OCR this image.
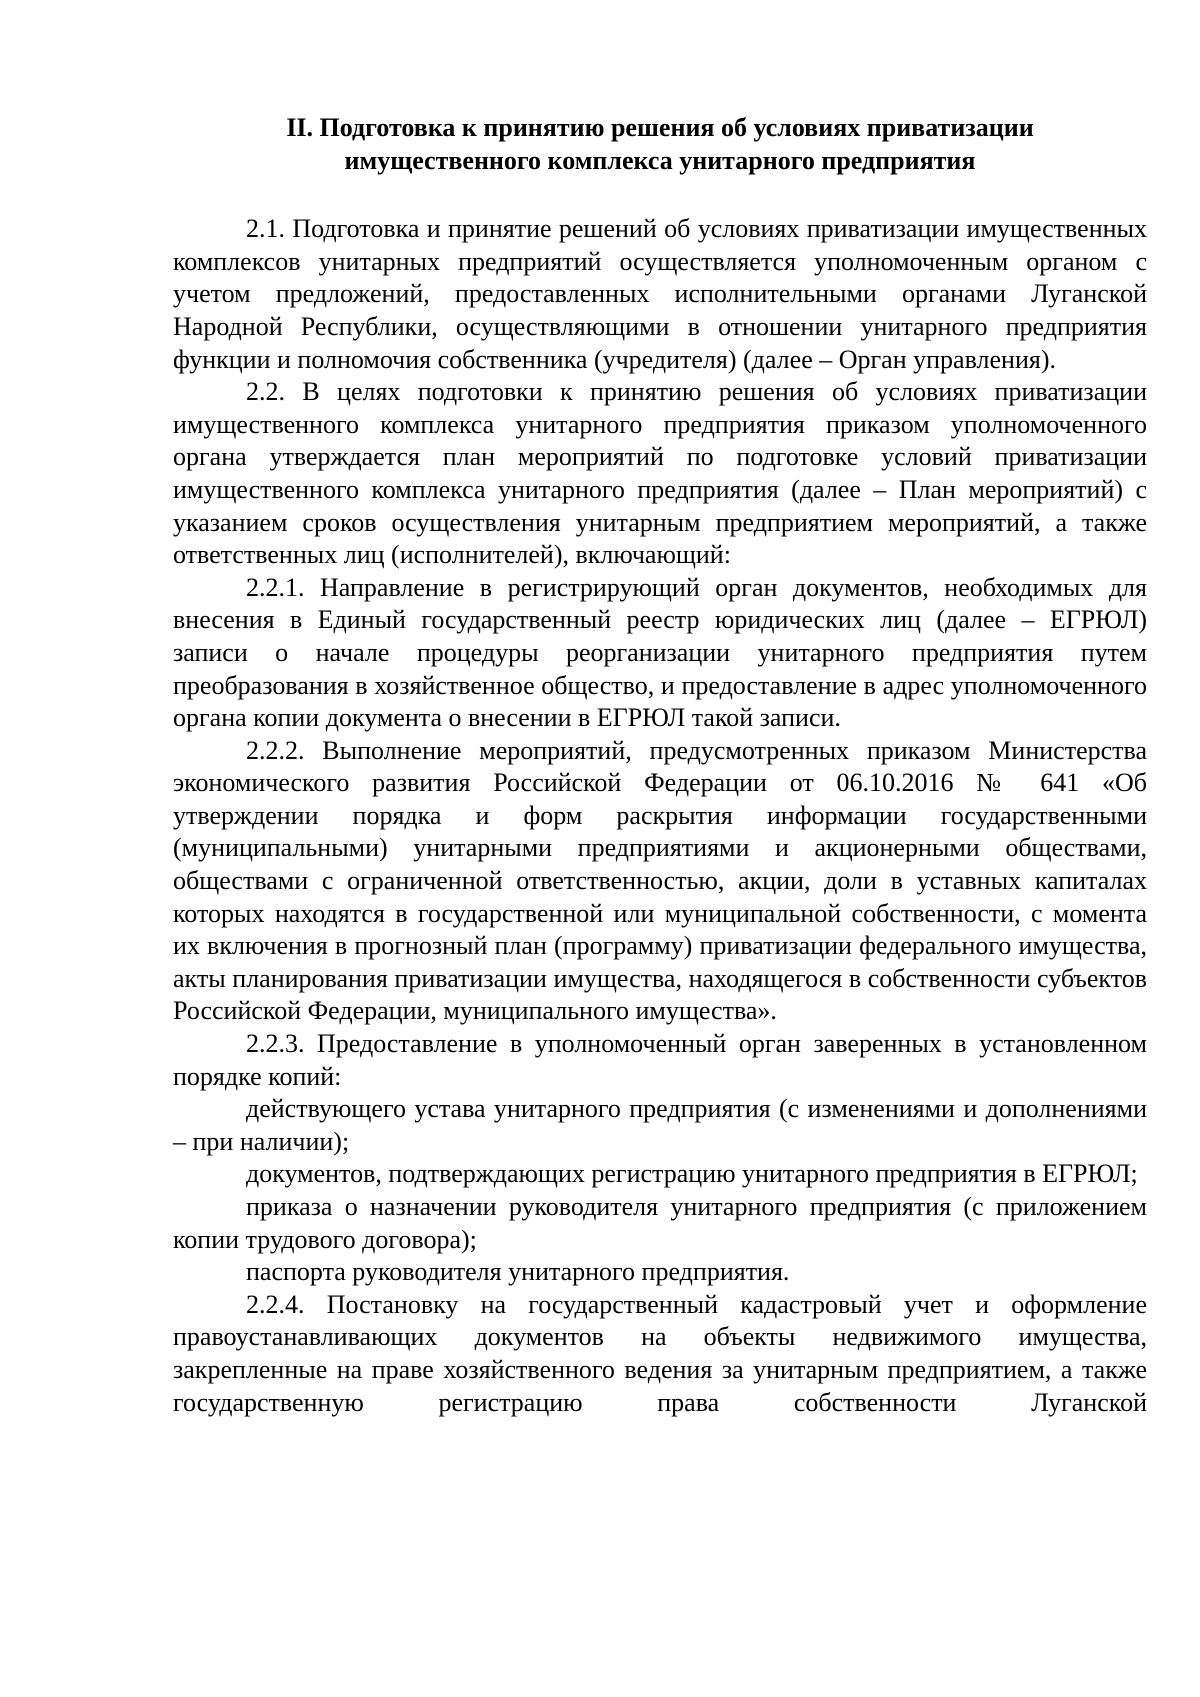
II. Подготовка к принятию решения об условиях приватизации
имущественного комплекса унитарного предприятия

2.1. Подготовка и принятие решений об условиях приватизации имущественных комплексов унитарных предприятий осуществляется уполномоченным органом с учетом предложений, предоставленных исполнительными органами Луганской Народной Республики, осуществляющими в отношении унитарного предприятия функции и полномочия собственника (учредителя) (далее – Орган управления).

2.2. В целях подготовки к принятию решения об условиях приватизации имущественного комплекса унитарного предприятия приказом уполномоченного органа утверждается план мероприятий по подготовке условий приватизации имущественного комплекса унитарного предприятия (далее – План мероприятий) с указанием сроков осуществления унитарным предприятием мероприятий, а также ответственных лиц (исполнителей), включающий:

2.2.1. Направление в регистрирующий орган документов, необходимых для внесения в Единый государственный реестр юридических лиц (далее – ЕГРЮЛ) записи о начале процедуры реорганизации унитарного предприятия путем преобразования в хозяйственное общество, и предоставление в адрес уполномоченного органа копии документа о внесении в ЕГРЮЛ такой записи.

2.2.2. Выполнение мероприятий, предусмотренных приказом Министерства экономического развития Российской Федерации от 06.10.2016 № 641 «Об утверждении порядка и форм раскрытия информации государственными (муниципальными) унитарными предприятиями и акционерными обществами, обществами с ограниченной ответственностью, акции, доли в уставных капиталах которых находятся в государственной или муниципальной собственности, с момента их включения в прогнозный план (программу) приватизации федерального имущества, акты планирования приватизации имущества, находящегося в собственности субъектов Российской Федерации, муниципального имущества».

2.2.3. Предоставление в уполномоченный орган заверенных в установленном порядке копий:

действующего устава унитарного предприятия (с изменениями и дополнениями – при наличии);

документов, подтверждающих регистрацию унитарного предприятия в ЕГРЮЛ;

приказа о назначении руководителя унитарного предприятия (с приложением копии трудового договора);

паспорта руководителя унитарного предприятия.

2.2.4. Постановку на государственный кадастровый учет и оформление правоустанавливающих документов на объекты недвижимого имущества, закрепленные на праве хозяйственного ведения за унитарным предприятием, а также государственную регистрацию права собственности Луганской
